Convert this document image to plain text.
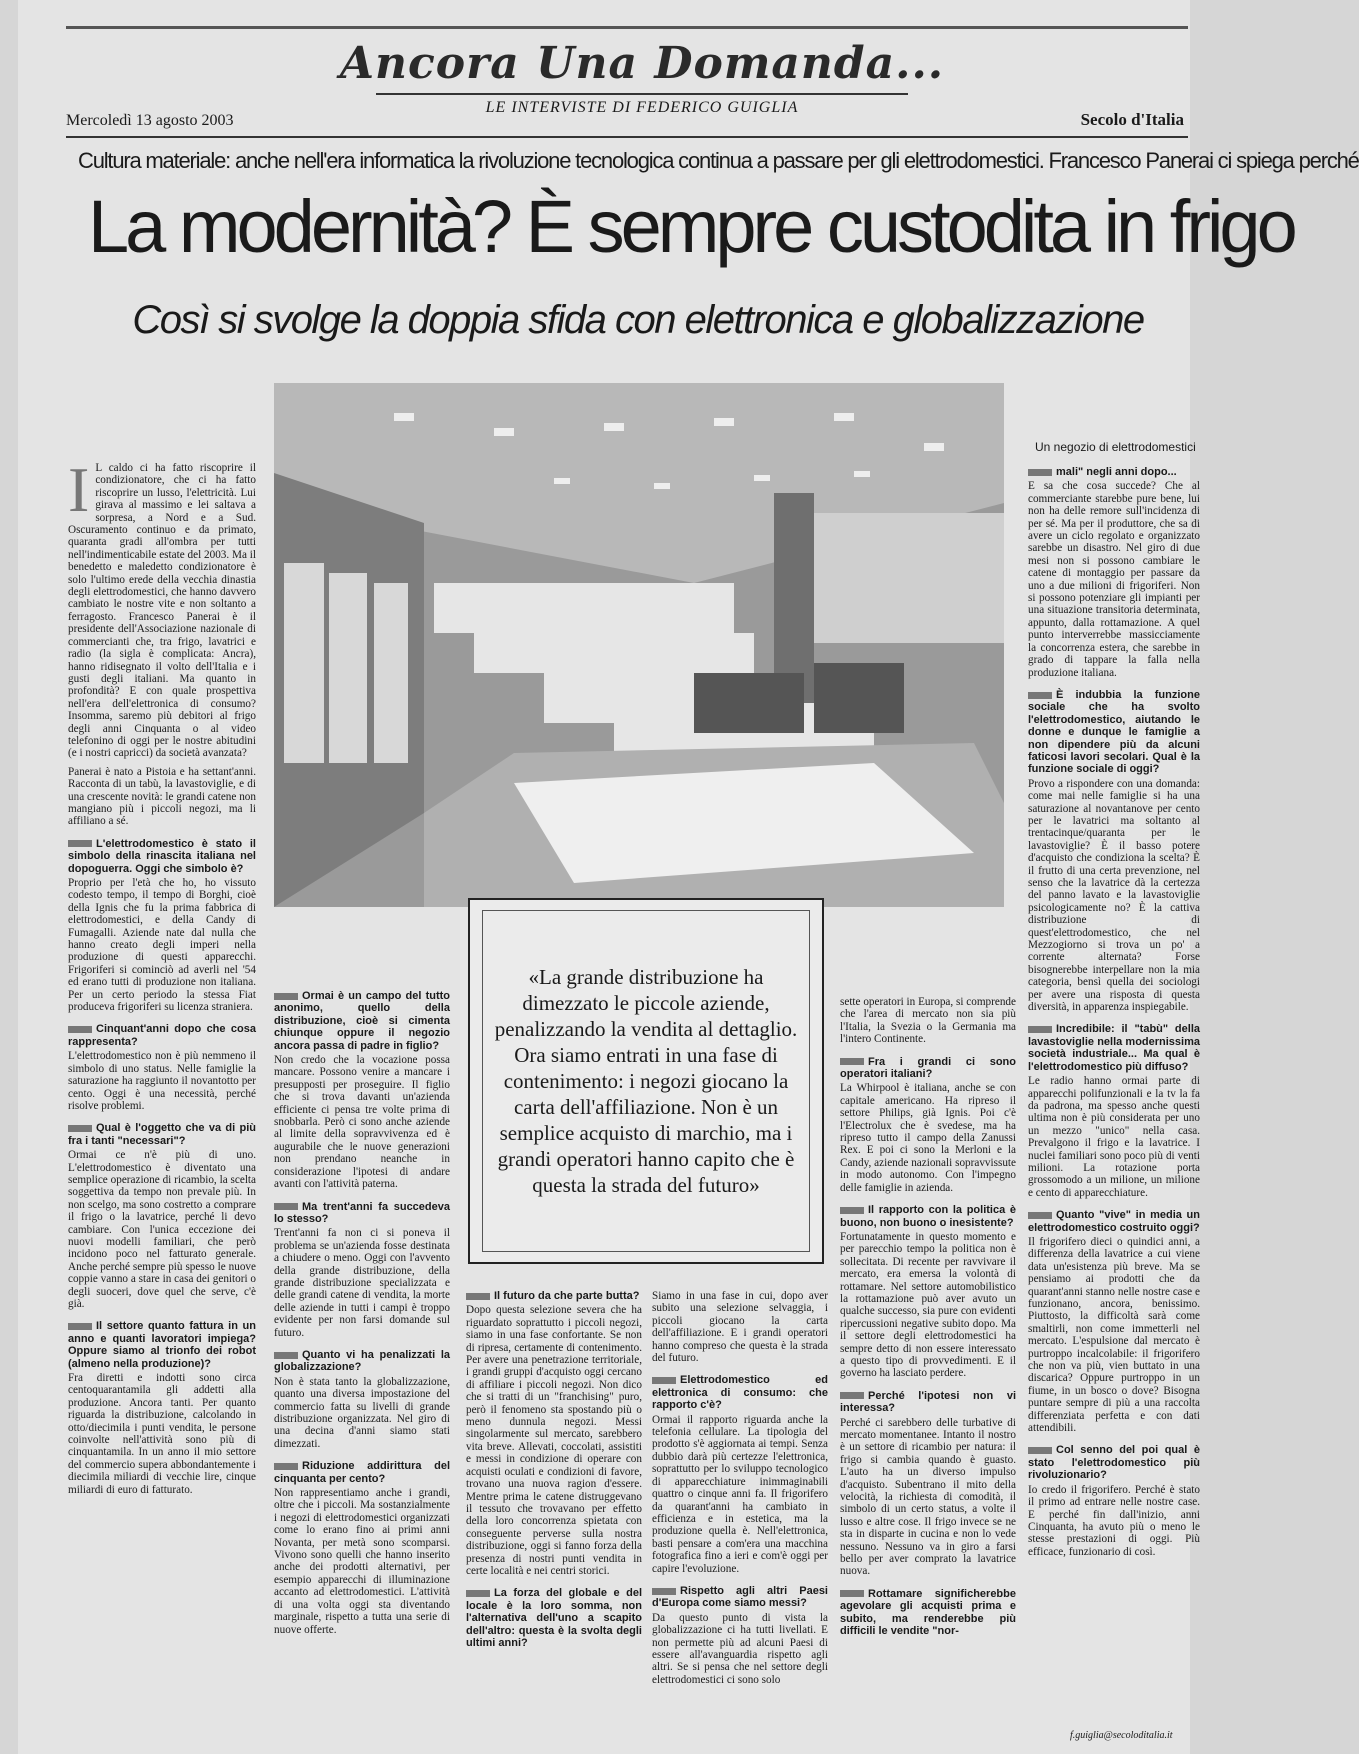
Ancora Una Domanda...
LE INTERVISTE DI FEDERICO GUIGLIA
Mercoledì 13 agosto 2003	Secolo d'Italia
Cultura materiale: anche nell'era informatica la rivoluzione tecnologica continua a passare per gli elettrodomestici. Francesco Panerai ci spiega perché
La modernità? È sempre custodita in frigo
Così si svolge la doppia sfida con elettronica e globalizzazione
Un negozio di elettrodomestici

I L caldo ci ha fatto riscoprire il condizionatore, che ci ha fatto riscoprire un lusso, l'elettricità. Lui girava al massimo e lei saltava a sorpresa, a Nord e a Sud. Oscuramento continuo e da primato, quaranta gradi all'ombra per tutti nell'indimenticabile estate del 2003. Ma il benedetto e maledetto condizionatore è solo l'ultimo erede della vecchia dinastia degli elettrodomestici, che hanno davvero cambiato le nostre vite e non soltanto a ferragosto. Francesco Panerai è il presidente dell'Associazione nazionale di commercianti che, tra frigo, lavatrici e radio (la sigla è complicata: Ancra), hanno ridisegnato il volto dell'Italia e i gusti degli italiani. Ma quanto in profondità? E con quale prospettiva nell'era dell'elettronica di consumo? Insomma, saremo più debitori al frigo degli anni Cinquanta o al video telefonino di oggi per le nostre abitudini (e i nostri capricci) da società avanzata?

Panerai è nato a Pistoia e ha settant'anni. Racconta di un tabù, la lavastoviglie, e di una crescente novità: le grandi catene non mangiano più i piccoli negozi, ma li affiliano a sé.

L'elettrodomestico è stato il simbolo della rinascita italiana nel dopoguerra. Oggi che simbolo è?

Proprio per l'età che ho, ho vissuto codesto tempo, il tempo di Borghi, cioè della Ignis che fu la prima fabbrica di elettrodomestici, e della Candy di Fumagalli. Aziende nate dal nulla che hanno creato degli imperi nella produzione di questi apparecchi. Frigoriferi si cominciò ad averli nel '54 ed erano tutti di produzione non italiana. Per un certo periodo la stessa Fiat produceva frigoriferi su licenza straniera.

Cinquant'anni dopo che cosa rappresenta?

L'elettrodomestico non è più nemmeno il simbolo di uno status. Nelle famiglie la saturazione ha raggiunto il novantotto per cento. Oggi è una necessità, perché risolve problemi.

Qual è l'oggetto che va di più fra i tanti "necessari"?

Ormai ce n'è più di uno. L'elettrodomestico è diventato una semplice operazione di ricambio, la scelta soggettiva da tempo non prevale più. In non scelgo, ma sono costretto a comprare il frigo o la lavatrice, perché li devo cambiare. Con l'unica eccezione dei nuovi modelli familiari, che però incidono poco nel fatturato generale. Anche perché sempre più spesso le nuove coppie vanno a stare in casa dei genitori o degli suoceri, dove quel che serve, c'è già.

Il settore quanto fattura in un anno e quanti lavoratori impiega? Oppure siamo al trionfo dei robot (almeno nella produzione)?

Fra diretti e indotti sono circa centoquarantamila gli addetti alla produzione. Ancora tanti. Per quanto riguarda la distribuzione, calcolando in otto/diecimila i punti vendita, le persone coinvolte nell'attività sono più di cinquantamila. In un anno il mio settore del commercio supera abbondantemente i diecimila miliardi di vecchie lire, cinque miliardi di euro di fatturato.

Ormai è un campo del tutto anonimo, quello della distribuzione, cioè si cimenta chiunque oppure il negozio ancora passa di padre in figlio?

Non credo che la vocazione possa mancare. Possono venire a mancare i presupposti per proseguire. Il figlio che si trova davanti un'azienda efficiente ci pensa tre volte prima di snobbarla. Però ci sono anche aziende al limite della sopravvivenza ed è augurabile che le nuove generazioni non prendano neanche in considerazione l'ipotesi di andare avanti con l'attività paterna.

Ma trent'anni fa succedeva lo stesso?

Trent'anni fa non ci si poneva il problema se un'azienda fosse destinata a chiudere o meno. Oggi con l'avvento della grande distribuzione, della grande distribuzione specializzata e delle grandi catene di vendita, la morte delle aziende in tutti i campi è troppo evidente per non farsi domande sul futuro.

Quanto vi ha penalizzati la globalizzazione?

Non è stata tanto la globalizzazione, quanto una diversa impostazione del commercio fatta su livelli di grande distribuzione organizzata. Nel giro di una decina d'anni siamo stati dimezzati.

Riduzione addirittura del cinquanta per cento?

Non rappresentiamo anche i grandi, oltre che i piccoli. Ma sostanzialmente i negozi di elettrodomestici organizzati come lo erano fino ai primi anni Novanta, per metà sono scomparsi. Vivono sono quelli che hanno inserito anche dei prodotti alternativi, per esempio apparecchi di illuminazione accanto ad elettrodomestici. L'attività di una volta oggi sta diventando marginale, rispetto a tutta una serie di nuove offerte.

«La grande distribuzione ha dimezzato le piccole aziende, penalizzando la vendita al dettaglio. Ora siamo entrati in una fase di contenimento: i negozi giocano la carta dell'affiliazione. Non è un semplice acquisto di marchio, ma i grandi operatori hanno capito che è questa la strada del futuro»
Il futuro da che parte butta?

Dopo questa selezione severa che ha riguardato soprattutto i piccoli negozi, siamo in una fase confortante. Se non di ripresa, certamente di contenimento. Per avere una penetrazione territoriale, i grandi gruppi d'acquisto oggi cercano di affiliare i piccoli negozi. Non dico che si tratti di un "franchising" puro, però il fenomeno sta spostando più o meno dunnula negozi. Messi singolarmente sul mercato, sarebbero vita breve. Allevati, coccolati, assistiti e messi in condizione di operare con acquisti oculati e condizioni di favore, trovano una nuova ragion d'essere. Mentre prima le catene distruggevano il tessuto che trovavano per effetto della loro concorrenza spietata con conseguente perverse sulla nostra distribuzione, oggi si fanno forza della presenza di nostri punti vendita in certe località e nei centri storici.

La forza del globale e del locale è la loro somma, non l'alternativa dell'uno a scapito dell'altro: questa è la svolta degli ultimi anni?

Siamo in una fase in cui, dopo aver subito una selezione selvaggia, i piccoli giocano la carta dell'affiliazione. E i grandi operatori hanno compreso che questa è la strada del futuro.

Elettrodomestico ed elettronica di consumo: che rapporto c'è?

Ormai il rapporto riguarda anche la telefonia cellulare. La tipologia del prodotto s'è aggiornata ai tempi. Senza dubbio darà più certezze l'elettronica, soprattutto per lo sviluppo tecnologico di apparecchiature inimmaginabili quattro o cinque anni fa. Il frigorifero da quarant'anni ha cambiato in efficienza e in estetica, ma la produzione quella è. Nell'elettronica, basti pensare a com'era una macchina fotografica fino a ieri e com'è oggi per capire l'evoluzione.

Rispetto agli altri Paesi d'Europa come siamo messi?

Da questo punto di vista la globalizzazione ci ha tutti livellati. E non permette più ad alcuni Paesi di essere all'avanguardia rispetto agli altri. Se si pensa che nel settore degli elettrodomestici ci sono solo

sette operatori in Europa, si comprende che l'area di mercato non sia più l'Italia, la Svezia o la Germania ma l'intero Continente.

Fra i grandi ci sono operatori italiani?

La Whirpool è italiana, anche se con capitale americano. Ha ripreso il settore Philips, già Ignis. Poi c'è l'Electrolux che è svedese, ma ha ripreso tutto il campo della Zanussi Rex. E poi ci sono la Merloni e la Candy, aziende nazionali sopravvissute in modo autonomo. Con l'impegno delle famiglie in azienda.

Il rapporto con la politica è buono, non buono o inesistente?

Fortunatamente in questo momento e per parecchio tempo la politica non è sollecitata. Di recente per ravvivare il mercato, era emersa la volontà di rottamare. Nel settore automobilistico la rottamazione può aver avuto un qualche successo, sia pure con evidenti ripercussioni negative subito dopo. Ma il settore degli elettrodomestici ha sempre detto di non essere interessato a questo tipo di provvedimenti. E il governo ha lasciato perdere.

Perché l'ipotesi non vi interessa?

Perché ci sarebbero delle turbative di mercato momentanee. Intanto il nostro è un settore di ricambio per natura: il frigo si cambia quando è guasto. L'auto ha un diverso impulso d'acquisto. Subentrano il mito della velocità, la richiesta di comodità, il simbolo di un certo status, a volte il lusso e altre cose. Il frigo invece se ne sta in disparte in cucina e non lo vede nessuno. Nessuno va in giro a farsi bello per aver comprato la lavatrice nuova.

Rottamare significherebbe agevolare gli acquisti prima e subito, ma renderebbe più difficili le vendite "nor-
mali" negli anni dopo...

E sa che cosa succede? Che al commerciante starebbe pure bene, lui non ha delle remore sull'incidenza di per sé. Ma per il produttore, che sa di avere un ciclo regolato e organizzato sarebbe un disastro. Nel giro di due mesi non si possono cambiare le catene di montaggio per passare da uno a due milioni di frigoriferi. Non si possono potenziare gli impianti per una situazione transitoria determinata, appunto, dalla rottamazione. A quel punto interverrebbe massicciamente la concorrenza estera, che sarebbe in grado di tappare la falla nella produzione italiana.

È indubbia la funzione sociale che ha svolto l'elettrodomestico, aiutando le donne e dunque le famiglie a non dipendere più da alcuni faticosi lavori secolari. Qual è la funzione sociale di oggi?

Provo a rispondere con una domanda: come mai nelle famiglie si ha una saturazione al novantanove per cento per le lavatrici ma soltanto al trentacinque/quaranta per le lavastoviglie? È il basso potere d'acquisto che condiziona la scelta? È il frutto di una certa prevenzione, nel senso che la lavatrice dà la certezza del panno lavato e la lavastoviglie psicologicamente no? È la cattiva distribuzione di quest'elettrodomestico, che nel Mezzogiorno si trova un po' a corrente alternata? Forse bisognerebbe interpellare non la mia categoria, bensì quella dei sociologi per avere una risposta di questa diversità, in apparenza inspiegabile.

Incredibile: il "tabù" della lavastoviglie nella modernissima società industriale... Ma qual è l'elettrodomestico più diffuso?

Le radio hanno ormai parte di apparecchi polifunzionali e la tv la fa da padrona, ma spesso anche questi ultima non è più considerata per uno un mezzo "unico" nella casa. Prevalgono il frigo e la lavatrice. I nuclei familiari sono poco più di venti milioni. La rotazione porta grossomodo a un milione, un milione e cento di apparecchiature.

Quanto "vive" in media un elettrodomestico costruito oggi?

Il frigorifero dieci o quindici anni, a differenza della lavatrice a cui viene data un'esistenza più breve. Ma se pensiamo ai prodotti che da quarant'anni stanno nelle nostre case e funzionano, ancora, benissimo. Piuttosto, la difficoltà sarà come smaltirli, non come immetterli nel mercato. L'espulsione dal mercato è purtroppo incalcolabile: il frigorifero che non va più, vien buttato in una discarica? Oppure purtroppo in un fiume, in un bosco o dove? Bisogna puntare sempre di più a una raccolta differenziata perfetta e con dati attendibili.

Col senno del poi qual è stato l'elettrodomestico più rivoluzionario?

Io credo il frigorifero. Perché è stato il primo ad entrare nelle nostre case. E perché fin dall'inizio, anni Cinquanta, ha avuto più o meno le stesse prestazioni di oggi. Più efficace, funzionario di così.

f.guiglia@secoloditalia.it
